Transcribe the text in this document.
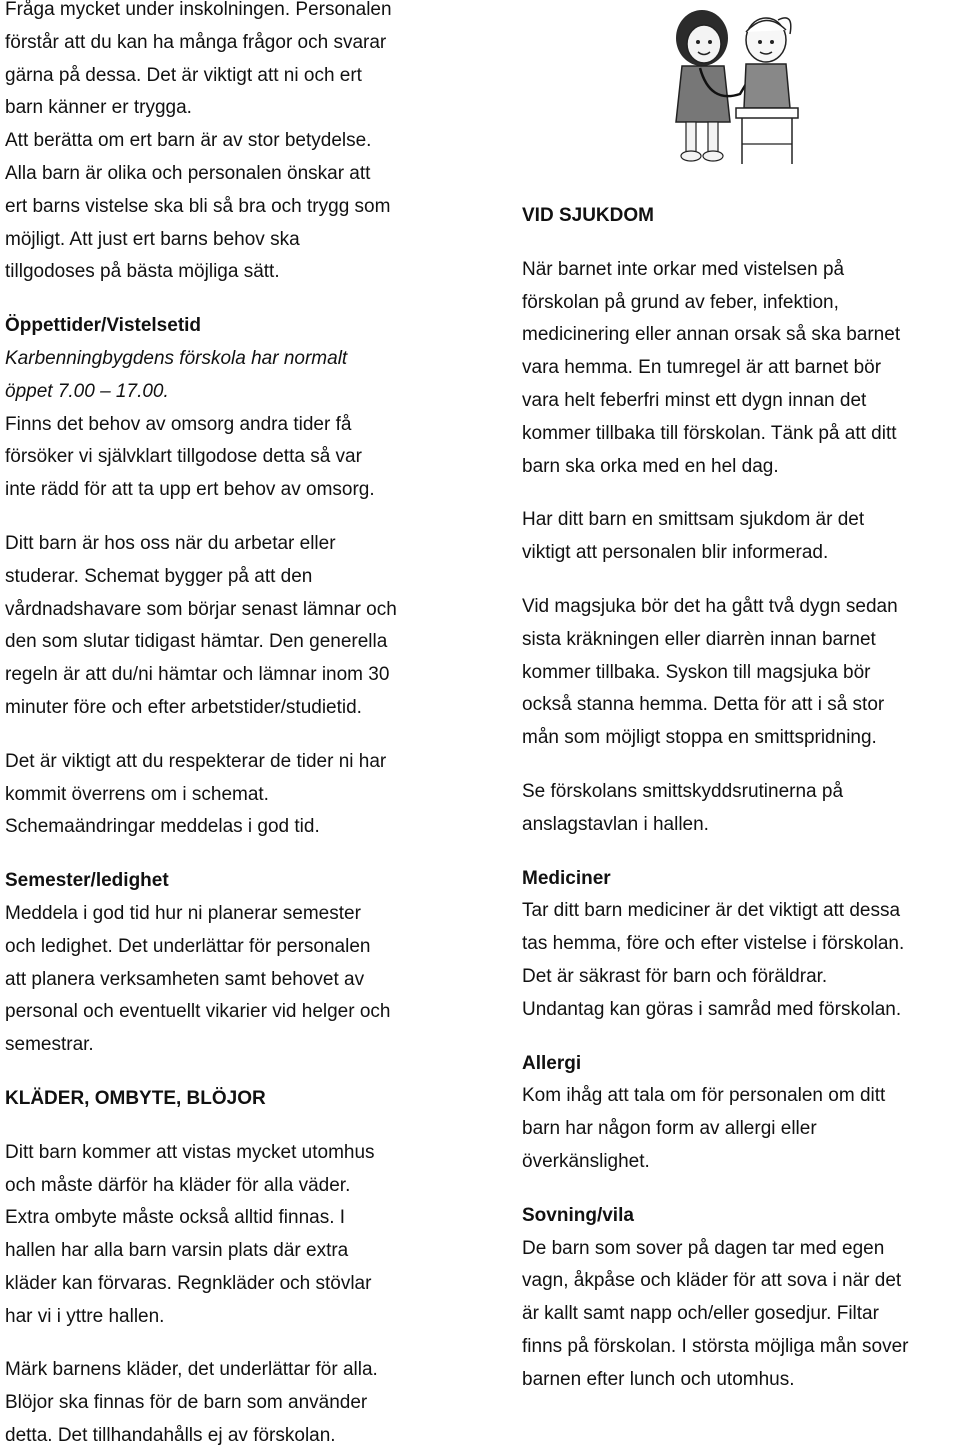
Fråga mycket under inskolningen. Personalen
förstår att du kan ha många frågor och svarar
gärna på dessa. Det är viktigt att ni och ert
barn känner er trygga.
Att berätta om ert barn är av stor betydelse.
Alla barn är olika och personalen önskar att
ert barns vistelse ska bli så bra och trygg som
möjligt. Att just ert barns behov ska
tillgodoses på bästa möjliga sätt.

Öppettider/Vistelsetid

Karbenningbygdens förskola har normalt
öppet 7.00 – 17.00.

Finns det behov av omsorg andra tider få
försöker vi självklart tillgodose detta så var
inte rädd för att ta upp ert behov av omsorg.

Ditt barn är hos oss när du arbetar eller
studerar. Schemat bygger på att den
vårdnadshavare som börjar senast lämnar och
den som slutar tidigast hämtar. Den generella
regeln är att du/ni hämtar och lämnar inom 30
minuter före och efter arbetstider/studietid.

Det är viktigt att du respekterar de tider ni har
kommit överrens om i schemat.
Schemaändringar meddelas i god tid.

Semester/ledighet

Meddela i god tid hur ni planerar semester
och ledighet. Det underlättar för personalen
att planera verksamheten samt behovet av
personal och eventuellt vikarier vid helger och
semestrar.

KLÄDER, OMBYTE, BLÖJOR

Ditt barn kommer att vistas mycket utomhus
och måste därför ha kläder för alla väder.
Extra ombyte måste också alltid finnas. I
hallen har alla barn varsin plats där extra
kläder kan förvaras. Regnkläder och stövlar
har vi i yttre hallen.

Märk barnens kläder, det underlättar för alla.
Blöjor ska finnas för de barn som använder
detta. Det tillhandahålls ej av förskolan.

VID SJUKDOM

När barnet inte orkar med vistelsen på
förskolan på grund av feber, infektion,
medicinering eller annan orsak så ska barnet
vara hemma. En tumregel är att barnet bör
vara helt feberfri minst ett dygn innan det
kommer tillbaka till förskolan. Tänk på att ditt
barn ska orka med en hel dag.

Har ditt barn en smittsam sjukdom är det
viktigt att personalen blir informerad.

Vid magsjuka bör det ha gått två dygn sedan
sista kräkningen eller diarrèn innan barnet
kommer tillbaka. Syskon till magsjuka bör
också stanna hemma. Detta för att i så stor
mån som möjligt stoppa en smittspridning.

Se förskolans smittskyddsrutinerna på
anslagstavlan i hallen.

Mediciner

Tar ditt barn mediciner är det viktigt att dessa
tas hemma, före och efter vistelse i förskolan.
Det är säkrast för barn och föräldrar.
Undantag kan göras i samråd med förskolan.

Allergi

Kom ihåg att tala om för personalen om ditt
barn har någon form av allergi eller
överkänslighet.

Sovning/vila

De barn som sover på dagen tar med egen
vagn, åkpåse och kläder för att sova i när det
är kallt samt napp och/eller gosedjur. Filtar
finns på förskolan. I största möjliga mån sover
barnen efter lunch och utomhus.
